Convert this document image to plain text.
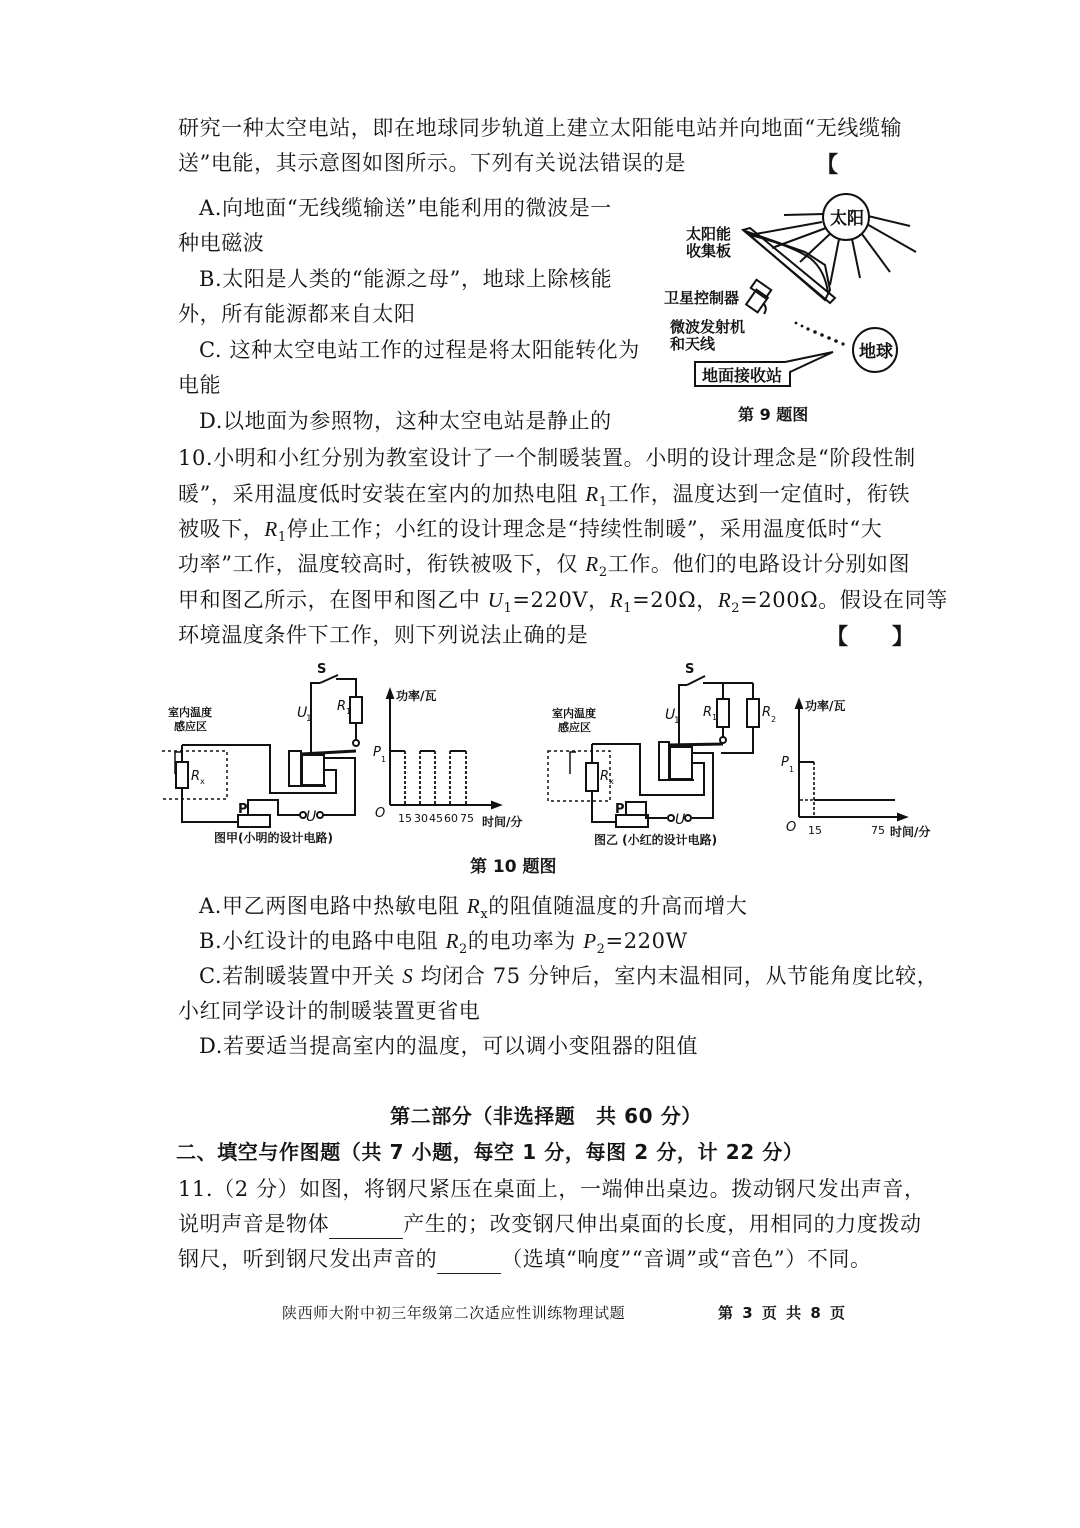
研究一种太空电站，即在地球同步轨道上建立太阳能电站并向地面“无线缆输
送”电能，其示意图如图所示。下列有关说法错误的是	【
A.向地面“无线缆输送”电能利用的微波是一
种电磁波
B.太阳是人类的“能源之母”，地球上除核能
外，所有能源都来自太阳
C. 这种太空电站工作的过程是将太阳能转化为
电能
D.以地面为参照物，这种太空电站是静止的
太阳
太阳能
收集板
卫星控制器
微波发射机
和天线	地球
地面接收站
第 9 题图
10.小明和小红分别为教室设计了一个制暖装置。小明的设计理念是“阶段性制
暖”，采用温度低时安装在室内的加热电阻 $R_1$工作，温度达到一定值时，衔铁
被吸下，$R_1$停止工作；小红的设计理念是“持续性制暖”，采用温度低时“大
功率”工作，温度较高时，衔铁被吸下，仅 $R_2$工作。他们的电路设计分别如图
甲和图乙所示，在图甲和图乙中 $U_1=220V$，$R_1=20\Omega$，$R_2=200\Omega$。假设在同等
环境温度条件下工作，则下列说法止确的是	【　　】
S
U
1
R 1
R x
P	U
室内温度
感应区
图甲(小明的设计电路)
功率/瓦
P 1
O 15 30 45 60 75 时间/分
S
U
1
R 1	R 2
R x
P
U
室内温度
感应区
图乙 (小红的设计电路)
功率/瓦
P 1
O 15	75 时间/分
第 10 题图
A.甲乙两图电路中热敏电阻 $R_x$的阻值随温度的升高而增大
B.小红设计的电路中电阻 $R_2$的电功率为 $P_2=220W$
C.若制暖装置中开关 S 均闭合 75 分钟后，室内末温相同，从节能角度比较，
小红同学设计的制暖装置更省电
D.若要适当提高室内的温度，可以调小变阻器的阻值
第二部分（非选择题　共 60 分）
二、填空与作图题（共 7 小题，每空 1 分，每图 2 分，计 22 分）
11.（2 分）如图，将钢尺紧压在桌面上，一端伸出桌边。拨动钢尺发出声音，
说明声音是物体	产生的；改变钢尺伸出桌面的长度，用相同的力度拨动
钢尺，听到钢尺发出声音的	（选填“响度”“音调”或“音色”）不同。
陕西师大附中初三年级第二次适应性训练物理试题	第 3 页 共 8 页
